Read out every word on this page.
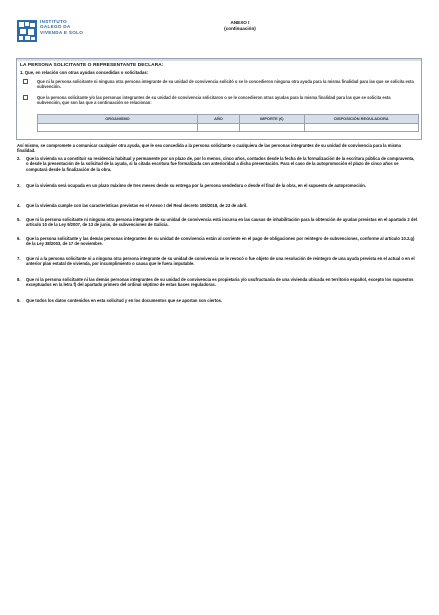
INSTITUTO
GALEGO DA
VIVENDA E SOLO
ANEXO I
(continuación)
LA PERSONA SOLICITANTE O REPRESENTANTE DECLARA:
1. Que, en relación con otras ayudas concedidas o solicitadas:
Que ni la persona solicitante ni ninguna otra persona integrante de su unidad de convivencia solicitó o se le concedieron ninguna otra ayuda para la misma finalidad para las que se solicita esta subvención.
Que la persona solicitante y/o las personas integrantes de su unidad de convivencia solicitaron o se le concedieron otras ayudas para la misma finalidad para las que se solicita esta subvención, que son las que a continuación se relacionan:
ORGANISMO	AÑO	IMPORTE (€)	DISPOSICIÓN REGULADORA

Así mismo, se compromete a comunicar cualquier otra ayuda, que le sea concedida a la persona solicitante o cualquiera de las personas integrantes de su unidad de convivencia para la misma finalidad.
2. Que la vivienda va a constituir su residencia habitual y permanente por un plazo de, por lo menos, cinco años, contados desde la fecha de la formalización de la escritura pública de compraventa, o desde la presentación de la solicitud de la ayuda, si la citada escritura fue formalizada con anterioridad a dicha presentación. Para el caso de la autopromoción el plazo de cinco años se computará desde la finalización de la obra.
3. Que la vivienda será ocupada en un plazo máximo de tres meses desde su entrega por la persona vendedora o desde el final de la obra, en el supuesto de autopromoción.
4. Que la vivienda cumple con las características previstas en el Anexo I del Real decreto 106/2018, de 23 de abril.
5. Que ni la persona solicitante ni ninguna otra persona integrante de su unidad de convivencia está incursa en las causas de inhabilitación para la obtención de ayudas previstas en el apartado 2 del artículo 10 de la Ley 9/2007, de 13 de junio, de subvenciones de Galicia.
6. Que la persona solicitante y las demás personas integrantes de su unidad de convivencia están al corriente en el pago de obligaciones por reintegro de subvenciones, conforme al artículo 10.2.g) de la Ley 38/2003, de 17 de noviembre.
7. Que ni a la persona solicitante ni a ninguna otra persona integrante de su unidad de convivencia se le revocó o fue objeto de una resolución de reintegro de una ayuda prevista en el actual o en el anterior plan estatal de vivienda, por incumplimiento o causa que le fuera imputable.
8. Que ni la persona solicitante ni las demás personas integrantes de su unidad de convivencia es propietaria y/o usufructuaria de una vivienda ubicada en territorio español, excepto los supuestos exceptuados en la letra f) del apartado primero del ordinal séptimo de estas bases reguladoras.
9. Que todos los datos contenidos en esta solicitud y en los documentos que se aportan son ciertos.
